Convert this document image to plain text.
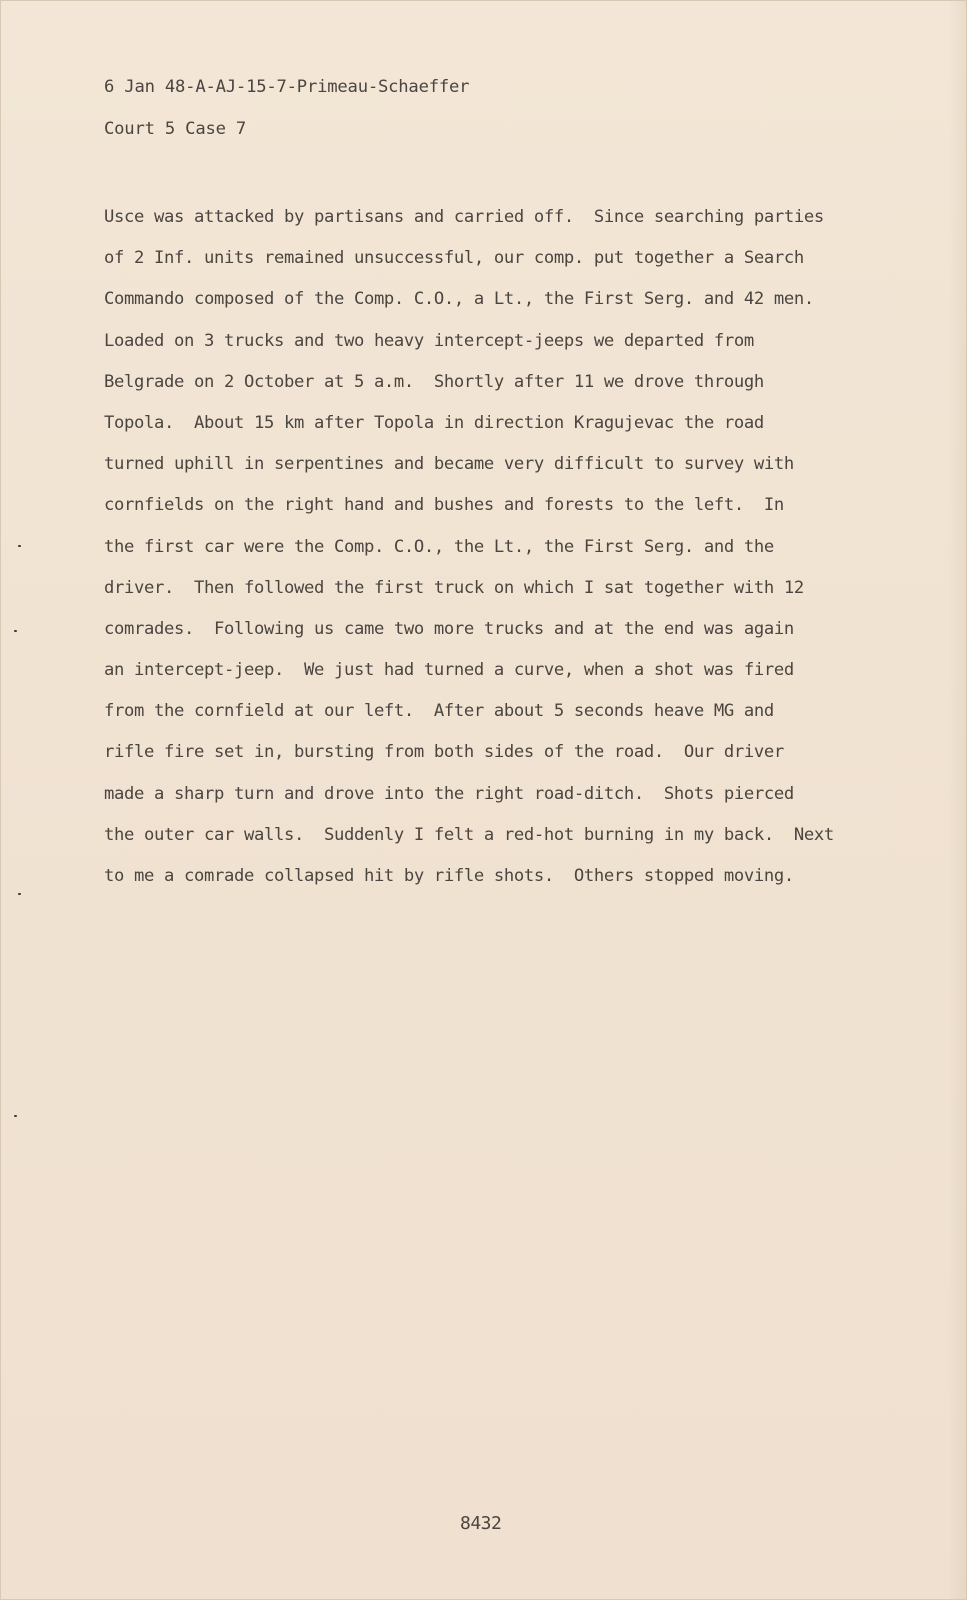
6 Jan 48-A-AJ-15-7-Primeau-Schaeffer
Court 5 Case 7
Usce was attacked by partisans and carried off.  Since searching parties
of 2 Inf. units remained unsuccessful, our comp. put together a Search
Commando composed of the Comp. C.O., a Lt., the First Serg. and 42 men.
Loaded on 3 trucks and two heavy intercept-jeeps we departed from
Belgrade on 2 October at 5 a.m.  Shortly after 11 we drove through
Topola.  About 15 km after Topola in direction Kragujevac the road
turned uphill in serpentines and became very difficult to survey with
cornfields on the right hand and bushes and forests to the left.  In
the first car were the Comp. C.O., the Lt., the First Serg. and the
driver.  Then followed the first truck on which I sat together with 12
comrades.  Following us came two more trucks and at the end was again
an intercept-jeep.  We just had turned a curve, when a shot was fired
from the cornfield at our left.  After about 5 seconds heave MG and
rifle fire set in, bursting from both sides of the road.  Our driver
made a sharp turn and drove into the right road-ditch.  Shots pierced
the outer car walls.  Suddenly I felt a red-hot burning in my back.  Next
to me a comrade collapsed hit by rifle shots.  Others stopped moving.
8432
